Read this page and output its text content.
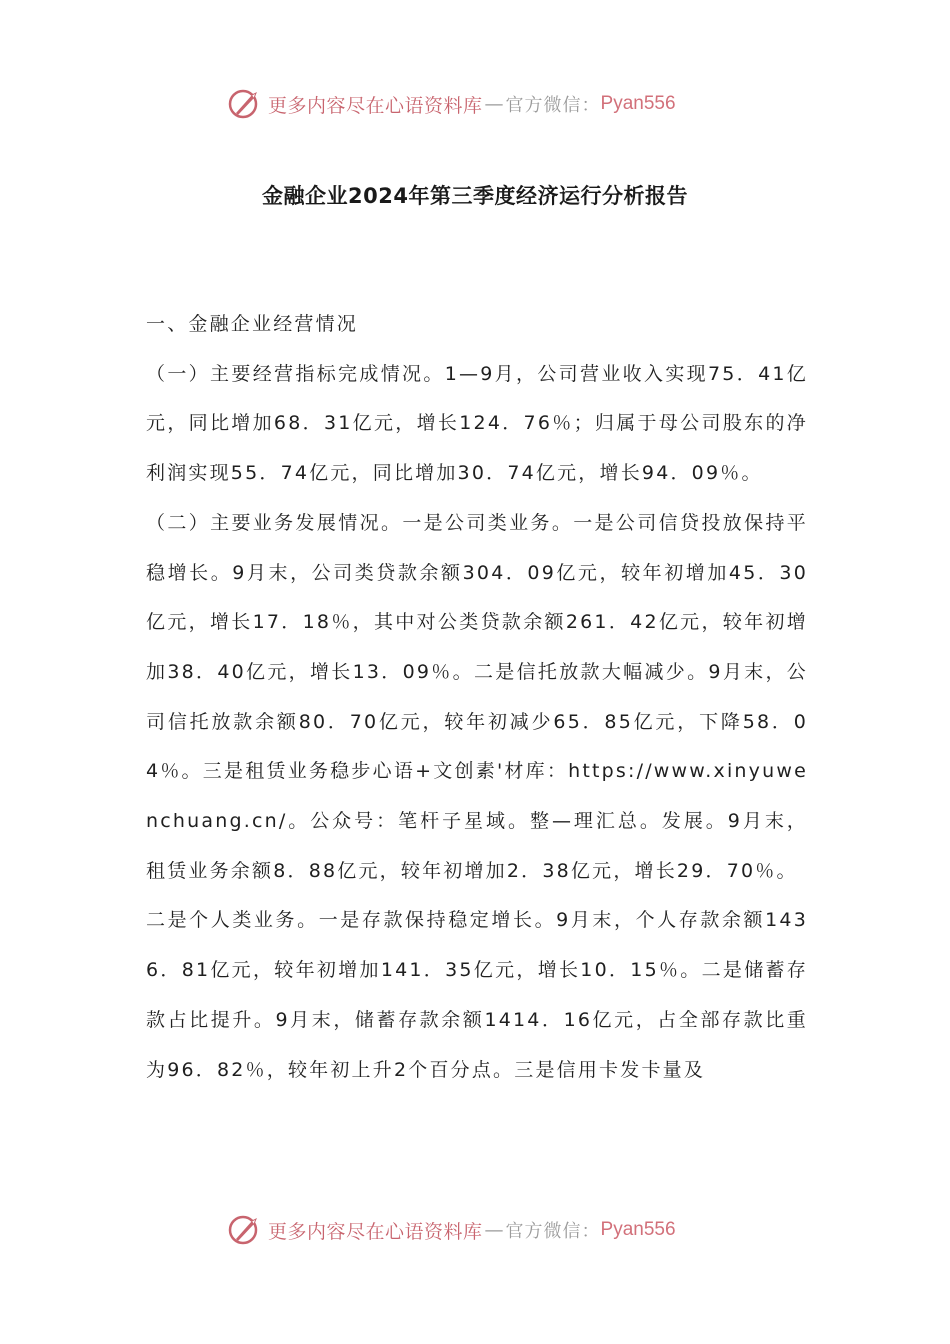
更多内容尽在心语资料库 — 官方微信： Pyan556
金融企业2024年第三季度经济运行分析报告

一、金融企业经营情况

（一）主要经营指标完成情况。1—9月，公司营业收入实现75．41亿元，同比增加68．31亿元，增长124．76％；归属于母公司股东的净利润实现55．74亿元，同比增加30．74亿元，增长94．09％。

（二）主要业务发展情况。一是公司类业务。一是公司信贷投放保持平稳增长。9月末，公司类贷款余额304．09亿元，较年初增加45．30亿元，增长17．18％，其中对公类贷款余额261．42亿元，较年初增加38．40亿元，增长13．09％。二是信托放款大幅减少。9月末，公司信托放款余额80．70亿元，较年初减少65．85亿元，下降58．04％。三是租赁业务稳步心语+文创素'材库：https://www.xinyuwenchuang.cn/。公众号：笔杆子星域。整—理汇总。发展。9月末，租赁业务余额8．88亿元，较年初增加2．38亿元，增长29．70％。

二是个人类业务。一是存款保持稳定增长。9月末，个人存款余额1436．81亿元，较年初增加141．35亿元，增长10．15％。二是储蓄存款占比提升。9月末，储蓄存款余额1414．16亿元，占全部存款比重为96．82％，较年初上升2个百分点。三是信用卡发卡量及

更多内容尽在心语资料库 — 官方微信： Pyan556
